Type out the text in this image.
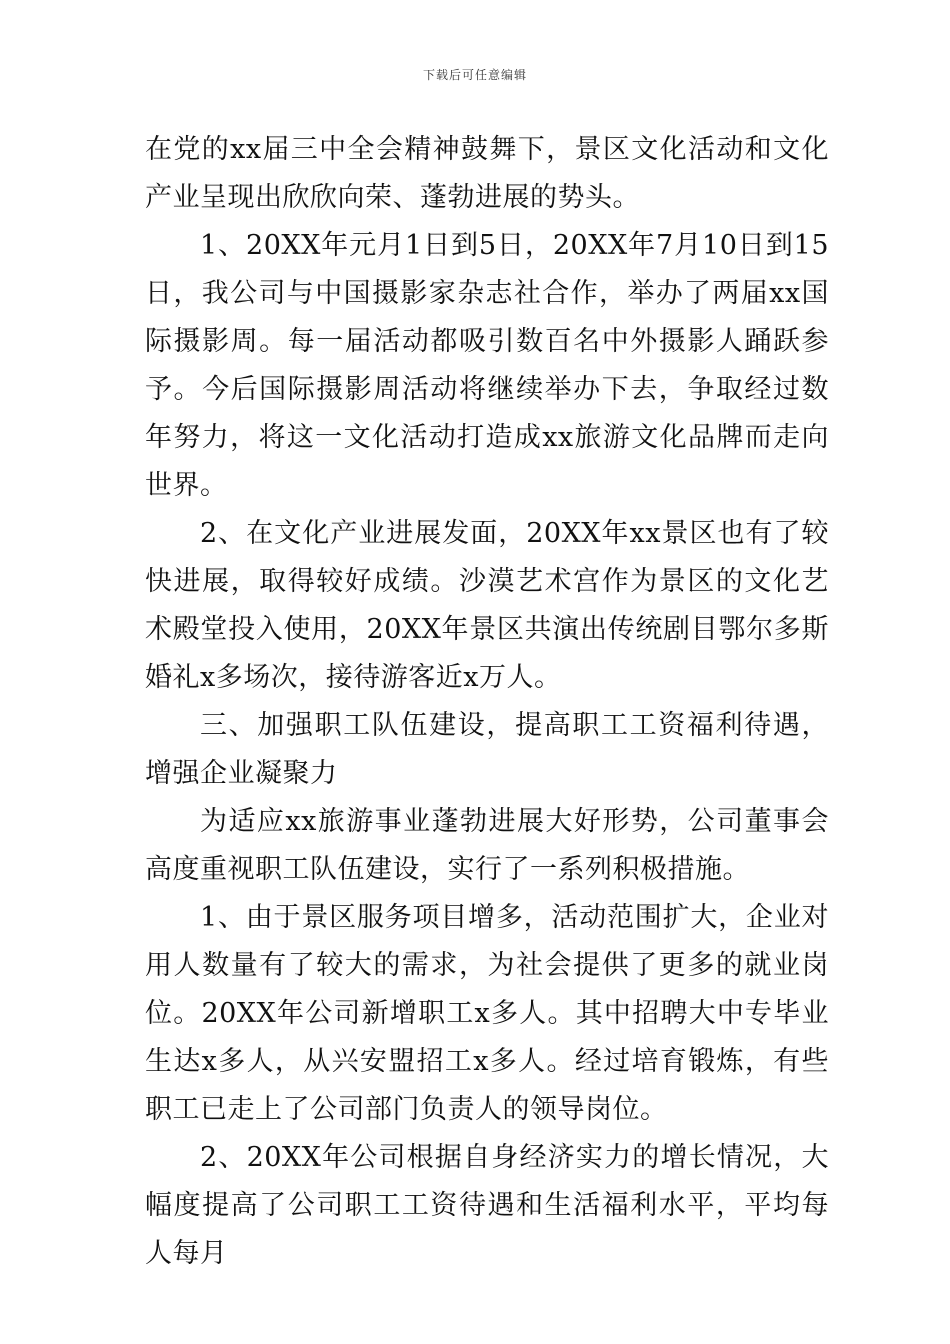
下载后可任意编辑

在党的xx届三中全会精神鼓舞下，景区文化活动和文化产业呈现出欣欣向荣、蓬勃进展的势头。

1、20XX年元月1日到5日，20XX年7月10日到15日，我公司与中国摄影家杂志社合作，举办了两届xx国际摄影周。每一届活动都吸引数百名中外摄影人踊跃参予。今后国际摄影周活动将继续举办下去，争取经过数年努力，将这一文化活动打造成xx旅游文化品牌而走向世界。

2、在文化产业进展发面，20XX年xx景区也有了较快进展，取得较好成绩。沙漠艺术宫作为景区的文化艺术殿堂投入使用，20XX年景区共演出传统剧目鄂尔多斯婚礼x多场次，接待游客近x万人。

三、加强职工队伍建设，提高职工工资福利待遇，增强企业凝聚力

为适应xx旅游事业蓬勃进展大好形势，公司董事会高度重视职工队伍建设，实行了一系列积极措施。

1、由于景区服务项目增多，活动范围扩大，企业对用人数量有了较大的需求，为社会提供了更多的就业岗位。20XX年公司新增职工x多人。其中招聘大中专毕业生达x多人，从兴安盟招工x多人。经过培育锻炼，有些职工已走上了公司部门负责人的领导岗位。

2、20XX年公司根据自身经济实力的增长情况，大幅度提高了公司职工工资待遇和生活福利水平，平均每人每月
